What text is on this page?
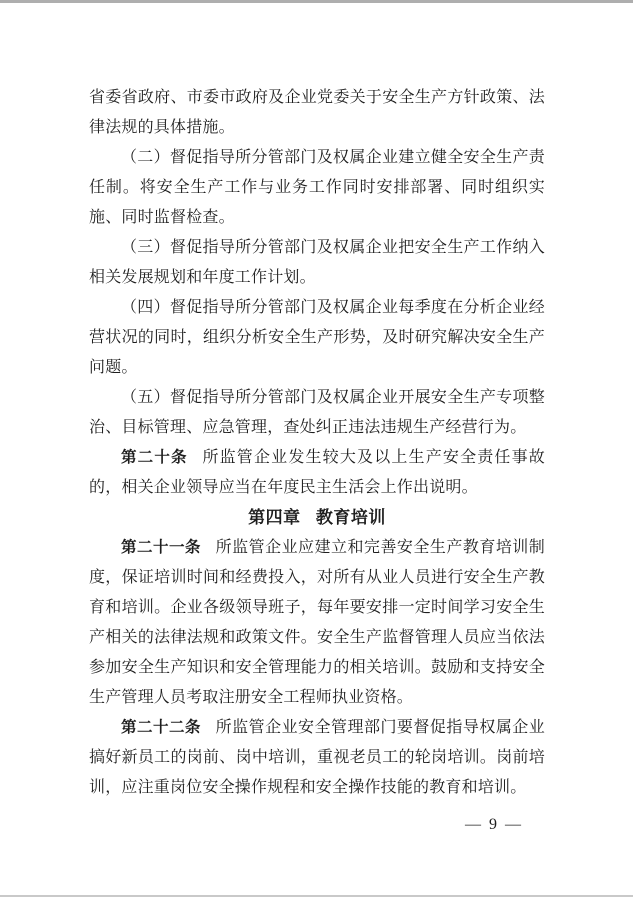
省委省政府、市委市政府及企业党委关于安全生产方针政策、法律法规的具体措施。

（二）督促指导所分管部门及权属企业建立健全安全生产责任制。将安全生产工作与业务工作同时安排部署、同时组织实施、同时监督检查。

（三）督促指导所分管部门及权属企业把安全生产工作纳入相关发展规划和年度工作计划。

（四）督促指导所分管部门及权属企业每季度在分析企业经营状况的同时，组织分析安全生产形势，及时研究解决安全生产问题。

（五）督促指导所分管部门及权属企业开展安全生产专项整治、目标管理、应急管理，查处纠正违法违规生产经营行为。

第二十条 所监管企业发生较大及以上生产安全责任事故的，相关企业领导应当在年度民主生活会上作出说明。

第四章 教育培训

第二十一条 所监管企业应建立和完善安全生产教育培训制度，保证培训时间和经费投入，对所有从业人员进行安全生产教育和培训。企业各级领导班子，每年要安排一定时间学习安全生产相关的法律法规和政策文件。安全生产监督管理人员应当依法参加安全生产知识和安全管理能力的相关培训。鼓励和支持安全生产管理人员考取注册安全工程师执业资格。

第二十二条 所监管企业安全管理部门要督促指导权属企业搞好新员工的岗前、岗中培训，重视老员工的轮岗培训。岗前培训，应注重岗位安全操作规程和安全操作技能的教育和培训。

— 9 —
